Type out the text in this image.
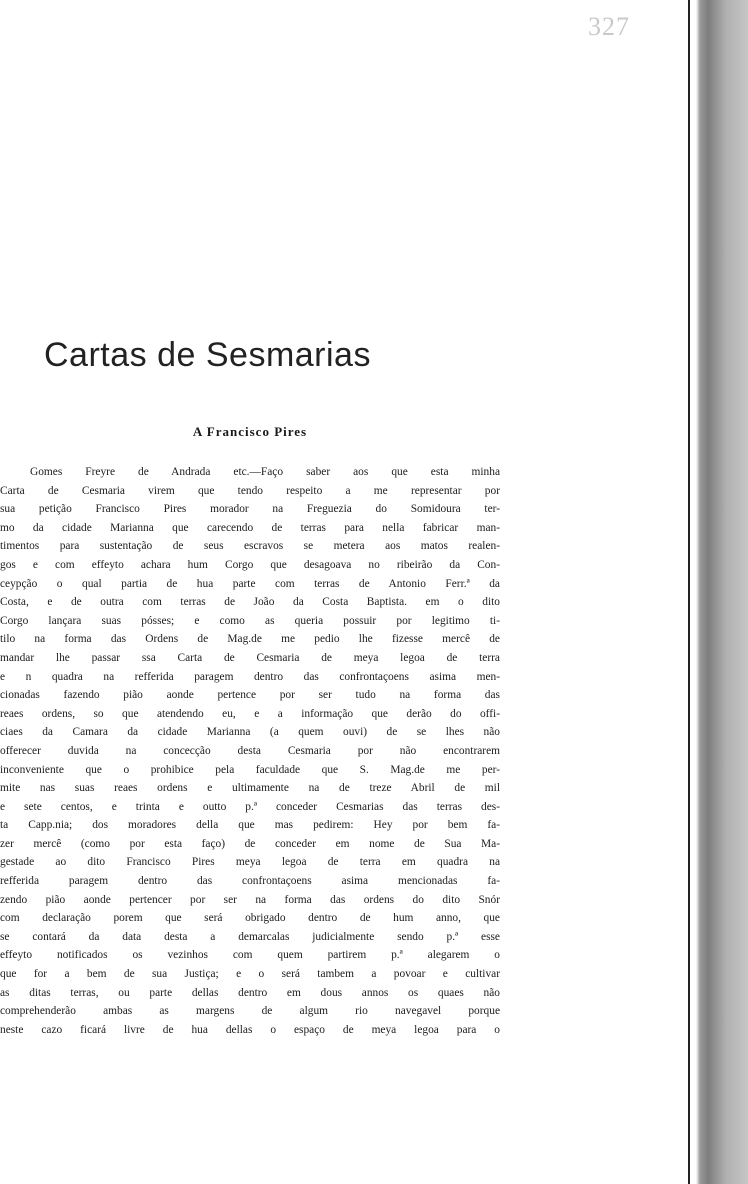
327
Cartas de Sesmarias
A Francisco Pires
Gomes Freyre de Andrada etc.—Faço saber aos que esta minha
Carta de Cesmaria virem que tendo respeito a me representar por
sua petição Francisco Pires morador na Freguezia do Somidoura ter-
mo da cidade Marianna que carecendo de terras para nella fabricar man-
timentos para sustentação de seus escravos se metera aos matos realen-
gos e com effeyto achara hum Corgo que desagoava no ribeirão da Con-
ceypção o qual partia de hua parte com terras de Antonio Ferr.ª da
Costa, e de outra com terras de João da Costa Baptista. em o dito
Corgo lançara suas pósses; e como as queria possuir por legitimo ti-
tilo na forma das Ordens de Mag.de me pedio lhe fizesse mercê de
mandar lhe passar ssa Carta de Cesmaria de meya legoa de terra
e n quadra na refferida paragem dentro das confrontaçoens asima men-
cionadas fazendo pião aonde pertence por ser tudo na forma das
reaes ordens, so que atendendo eu, e a informação que derão do offi-
ciaes da Camara da cidade Marianna (a quem ouvi) de se lhes não
offerecer duvida na concecção desta Cesmaria por não encontrarem
inconveniente que o prohibice pela faculdade que S. Mag.de me per-
mite nas suas reaes ordens e ultimamente na de treze Abril de mil
e sete centos, e trinta e outto p.ª conceder Cesmarias das terras des-
ta Capp.nia; dos moradores della que mas pedirem: Hey por bem fa-
zer mercê (como por esta faço) de conceder em nome de Sua Ma-
gestade ao dito Francisco Pires meya legoa de terra em quadra na
refferida paragem dentro das confrontaçoens asima mencionadas fa-
zendo pião aonde pertencer por ser na forma das ordens do dito Snór
com declaração porem que será obrigado dentro de hum anno, que
se contará da data desta a demarcalas judicialmente sendo p.ª esse
effeyto notificados os vezinhos com quem partirem p.ª alegarem o
que for a bem de sua Justiça; e o será tambem a povoar e cultivar
as ditas terras, ou parte dellas dentro em dous annos os quaes não
comprehenderão ambas as margens de algum rio navegavel porque
neste cazo ficará livre de hua dellas o espaço de meya legoa para o
